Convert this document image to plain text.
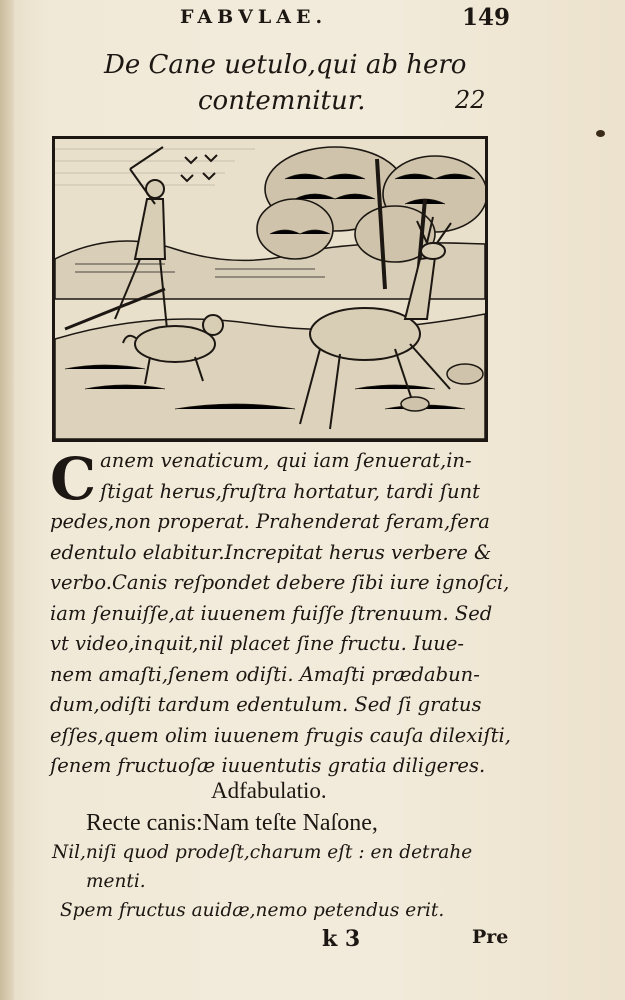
FABVLAE.	149
De Cane uetulo,qui ab hero
contemnitur.	22
C anem venaticum, qui iam ſenuerat,in-
ſtigat herus,fruſtra hortatur, tardi ſunt
pedes,non properat. Prahenderat feram,fera
edentulo elabitur.Increpitat herus verbere &
verbo.Canis reſpondet debere ſibi iure ignoſci,
iam ſenuiſſe,at iuuenem fuiſſe ſtrenuum. Sed
vt video,inquit,nil placet ſine fructu. Iuue-
nem amaſti,ſenem odiſti. Amaſti prædabun-
dum,odiſti tardum edentulum. Sed ſi gratus
eſſes,quem olim iuuenem frugis cauſa dilexiſti,
ſenem fructuoſæ iuuentutis gratia diligeres.
Adfabulatio.
Recte canis:Nam teſte Naſone,
Nil,niſi quod prodeſt,charum eſt : en detrahe
menti.
Spem fructus auidæ,nemo petendus erit.
k 3	Pre
